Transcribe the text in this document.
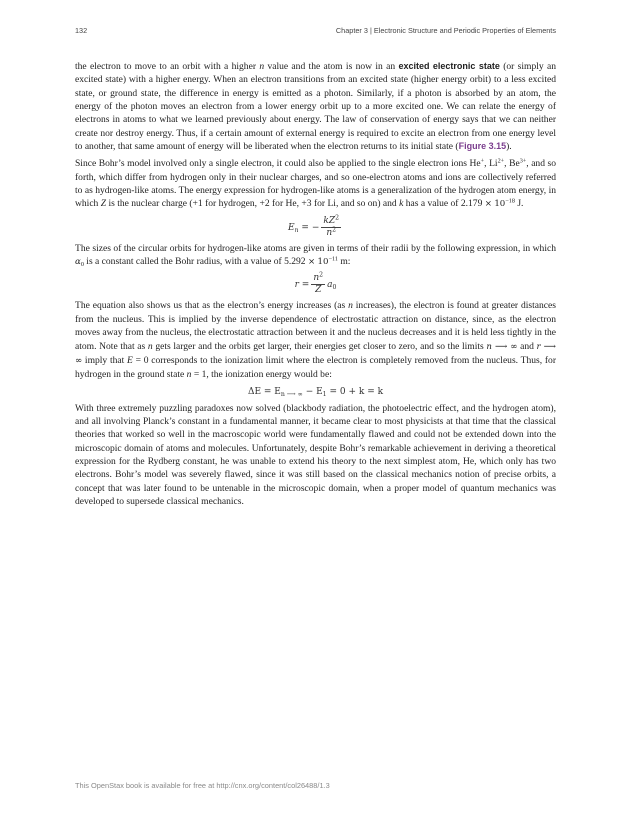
132	Chapter 3 | Electronic Structure and Periodic Properties of Elements

the electron to move to an orbit with a higher n value and the atom is now in an excited electronic state (or simply an excited state) with a higher energy. When an electron transitions from an excited state (higher energy orbit) to a less excited state, or ground state, the difference in energy is emitted as a photon. Similarly, if a photon is absorbed by an atom, the energy of the photon moves an electron from a lower energy orbit up to a more excited one. We can relate the energy of electrons in atoms to what we learned previously about energy. The law of conservation of energy says that we can neither create nor destroy energy. Thus, if a certain amount of external energy is required to excite an electron from one energy level to another, that same amount of energy will be liberated when the electron returns to its initial state (Figure 3.15).

Since Bohr’s model involved only a single electron, it could also be applied to the single electron ions He+, $Li^{2+}$, $Be^{3+}$, and so forth, which differ from hydrogen only in their nuclear charges, and so one-electron atoms and ions are collectively referred to as hydrogen-like atoms. The energy expression for hydrogen-like atoms is a generalization of the hydrogen atom energy, in which Z is the nuclear charge (+1 for hydrogen, +2 for He, +3 for Li, and so on) and k has a value of $2.179 \times 10^{-18}$ J.

$E_n$ = − $\frac{kZ^2}{n^2}$

The sizes of the circular orbits for hydrogen-like atoms are given in terms of their radii by the following expression, in which $\alpha_0$ is a constant called the Bohr radius, with a value of $5.292 \times 10^{-11}$ m:

$r = \frac{n^2}{Z} a_0$

The equation also shows us that as the electron’s energy increases (as n increases), the electron is found at greater distances from the nucleus. This is implied by the inverse dependence of electrostatic attraction on distance, since, as the electron moves away from the nucleus, the electrostatic attraction between it and the nucleus decreases and it is held less tightly in the atom. Note that as n gets larger and the orbits get larger, their energies get closer to zero, and so the limits n ⟶ ∞ and r ⟶ ∞ imply that E = 0 corresponds to the ionization limit where the electron is completely removed from the nucleus. Thus, for hydrogen in the ground state n = 1, the ionization energy would be:

$\Delta E = E_{n ⟶ \infty} - E_1 = 0 + k = k$

With three extremely puzzling paradoxes now solved (blackbody radiation, the photoelectric effect, and the hydrogen atom), and all involving Planck’s constant in a fundamental manner, it became clear to most physicists at that time that the classical theories that worked so well in the macroscopic world were fundamentally flawed and could not be extended down into the microscopic domain of atoms and molecules. Unfortunately, despite Bohr’s remarkable achievement in deriving a theoretical expression for the Rydberg constant, he was unable to extend his theory to the next simplest atom, He, which only has two electrons. Bohr’s model was severely flawed, since it was still based on the classical mechanics notion of precise orbits, a concept that was later found to be untenable in the microscopic domain, when a proper model of quantum mechanics was developed to supersede classical mechanics.

This OpenStax book is available for free at http://cnx.org/content/col26488/1.3
